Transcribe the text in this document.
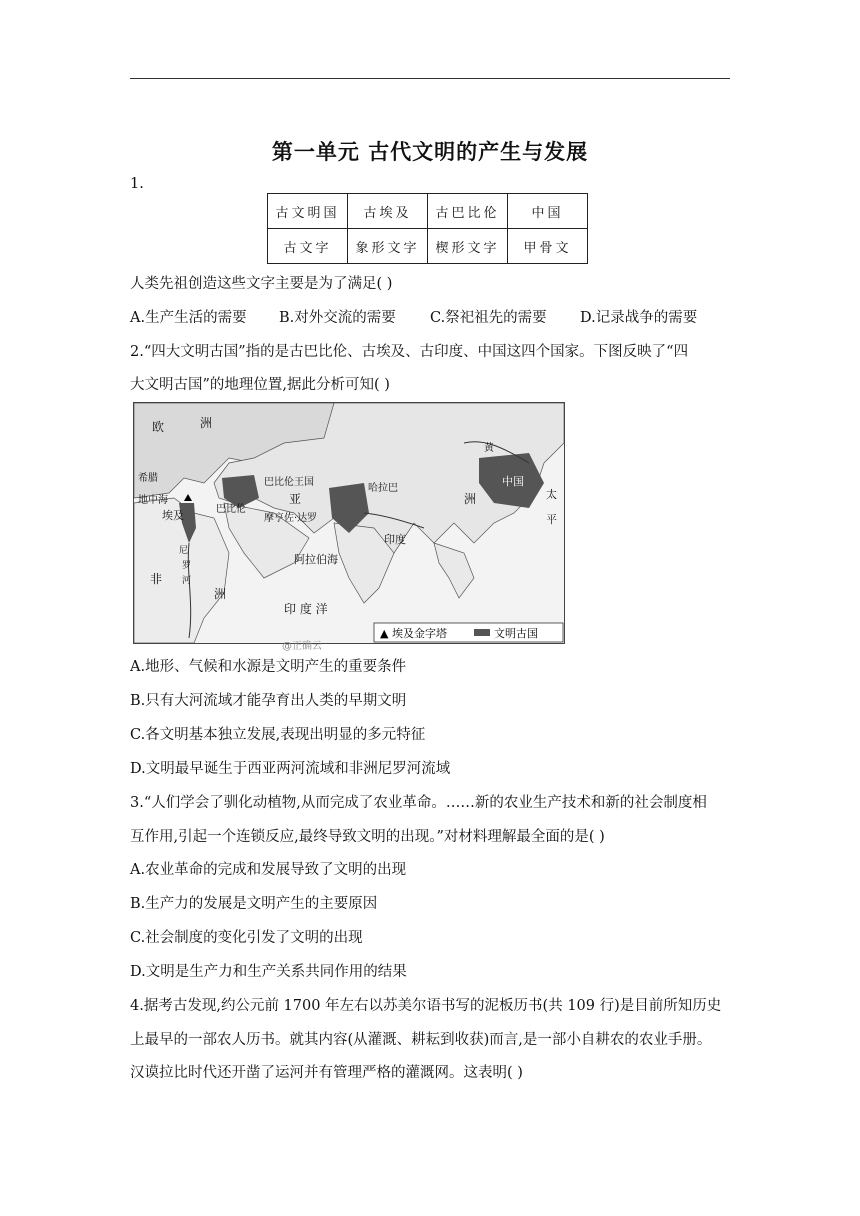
第一单元 古代文明的产生与发展
1.
古文明国	古埃及	古巴比伦	中国
古文字	象形文字	楔形文字	甲骨文
人类先祖创造这些文字主要是为了满足( )
A.生产生活的需要 B.对外交流的需要 C.祭祀祖先的需要 D.记录战争的需要
2.“四大文明古国”指的是古巴比伦、古埃及、古印度、中国这四个国家。下图反映了“四
大文明古国”的地理位置,据此分析可知( )
欧	洲
希腊
地中海
埃及
巴比伦王国
巴比伦
亚
哈拉巴
摩亨佐·达罗
印度
阿拉伯海
非
洲
印 度 洋
洲
中国
太
平
黄
尼
罗
河
▲ 埃及金字塔	文明古国
@正确云
A.地形、气候和水源是文明产生的重要条件
B.只有大河流域才能孕育出人类的早期文明
C.各文明基本独立发展,表现出明显的多元特征
D.文明最早诞生于西亚两河流域和非洲尼罗河流域
3.“人们学会了驯化动植物,从而完成了农业革命。……新的农业生产技术和新的社会制度相
互作用,引起一个连锁反应,最终导致文明的出现。”对材料理解最全面的是( )
A.农业革命的完成和发展导致了文明的出现
B.生产力的发展是文明产生的主要原因
C.社会制度的变化引发了文明的出现
D.文明是生产力和生产关系共同作用的结果
4.据考古发现,约公元前 1700 年左右以苏美尔语书写的泥板历书(共 109 行)是目前所知历史
上最早的一部农人历书。就其内容(从灌溉、耕耘到收获)而言,是一部小自耕农的农业手册。
汉谟拉比时代还开凿了运河并有管理严格的灌溉网。这表明( )
